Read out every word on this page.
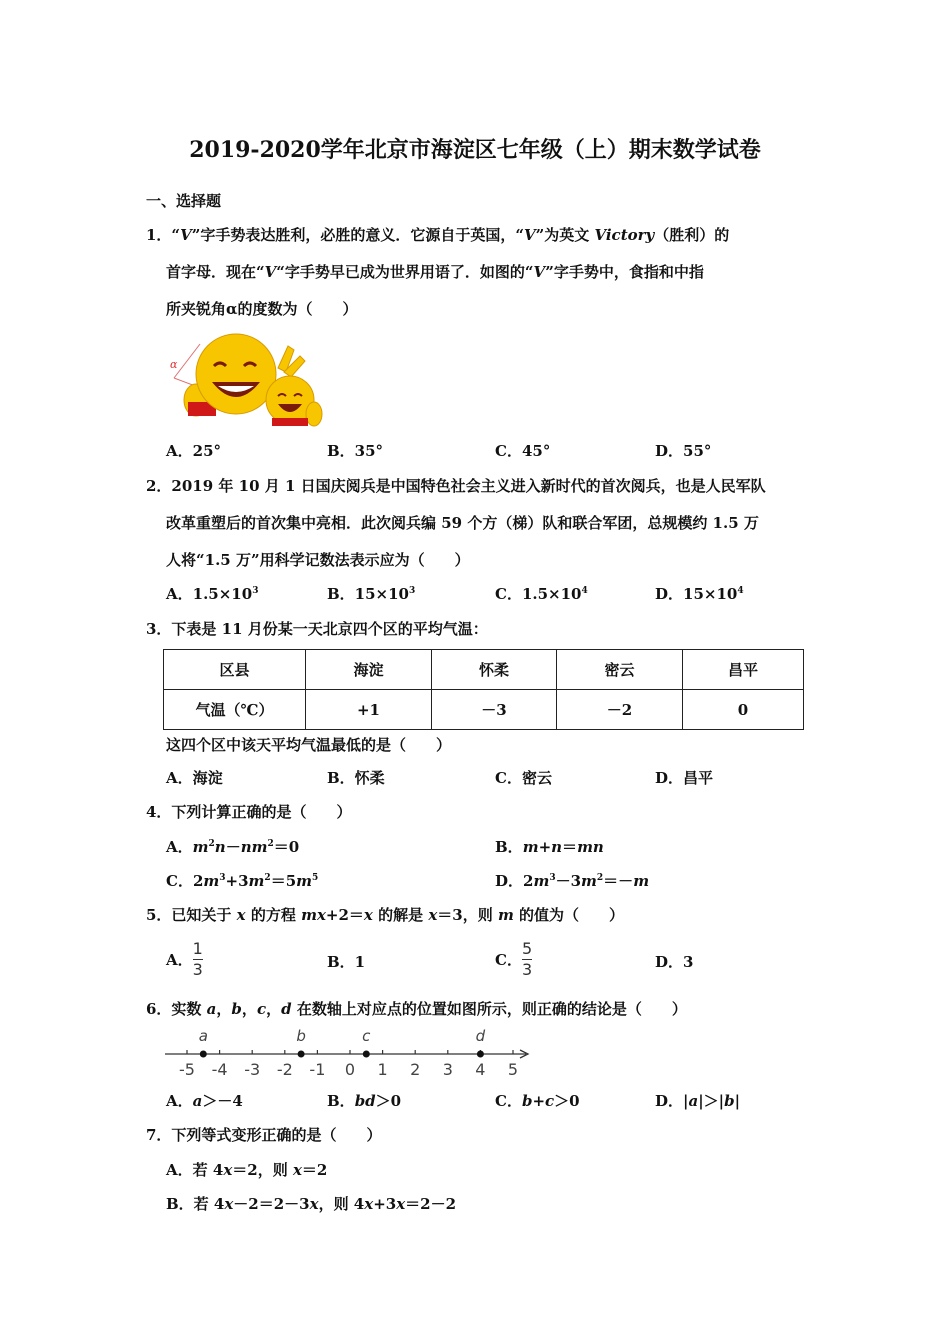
2019-2020学年北京市海淀区七年级（上）期末数学试卷
一、选择题
1．“V”字手势表达胜利，必胜的意义．它源自于英国，“V”为英文 Victory（胜利）的
首字母．现在“V“字手势早已成为世界用语了．如图的“V”字手势中，食指和中指
所夹锐角α的度数为（　　）
α
A．25°	B．35°	C．45°	D．55°
2．2019 年 10 月 1 日国庆阅兵是中国特色社会主义进入新时代的首次阅兵，也是人民军队
改革重塑后的首次集中亮相．此次阅兵编 59 个方（梯）队和联合军团，总规模约 1.5 万
人将“1.5 万”用科学记数法表示应为（　　）
A．$1.5\times 10^3$	B．$15\times 10^3$	C．$1.5\times 10^4$	D．$15\times 10^4$
3．下表是 11 月份某一天北京四个区的平均气温：
区县	海淀	怀柔	密云	昌平
气温（℃）	+1	－3	－2	0
这四个区中该天平均气温最低的是（　　）
A．海淀	B．怀柔	C．密云	D．昌平
4．下列计算正确的是（　　）
A．$m^2n-nm^2=0$	B．m+n＝mn
C．$2m^3+3m^2=5m^5$	D．$2m^3-3m^2=-m$
5．已知关于 x 的方程 mx+2＝x 的解是 x＝3，则 m 的值为（　　）
A． $\frac{1}{3}$	B．1	C． $\frac{5}{3}$	D．3
6．实数 a，b，c，d 在数轴上对应点的位置如图所示，则正确的结论是（　　）
-5 -4 -3 -2 -1 0 1 2 3 4 5
a	b	c	d
A．a＞－4	B．bd＞0	C．b+c＞0	D．|a|＞|b|
7．下列等式变形正确的是（　　）
A．若 4x＝2，则 x＝2
B．若 4x－2＝2－3x，则 4x+3x＝2－2
